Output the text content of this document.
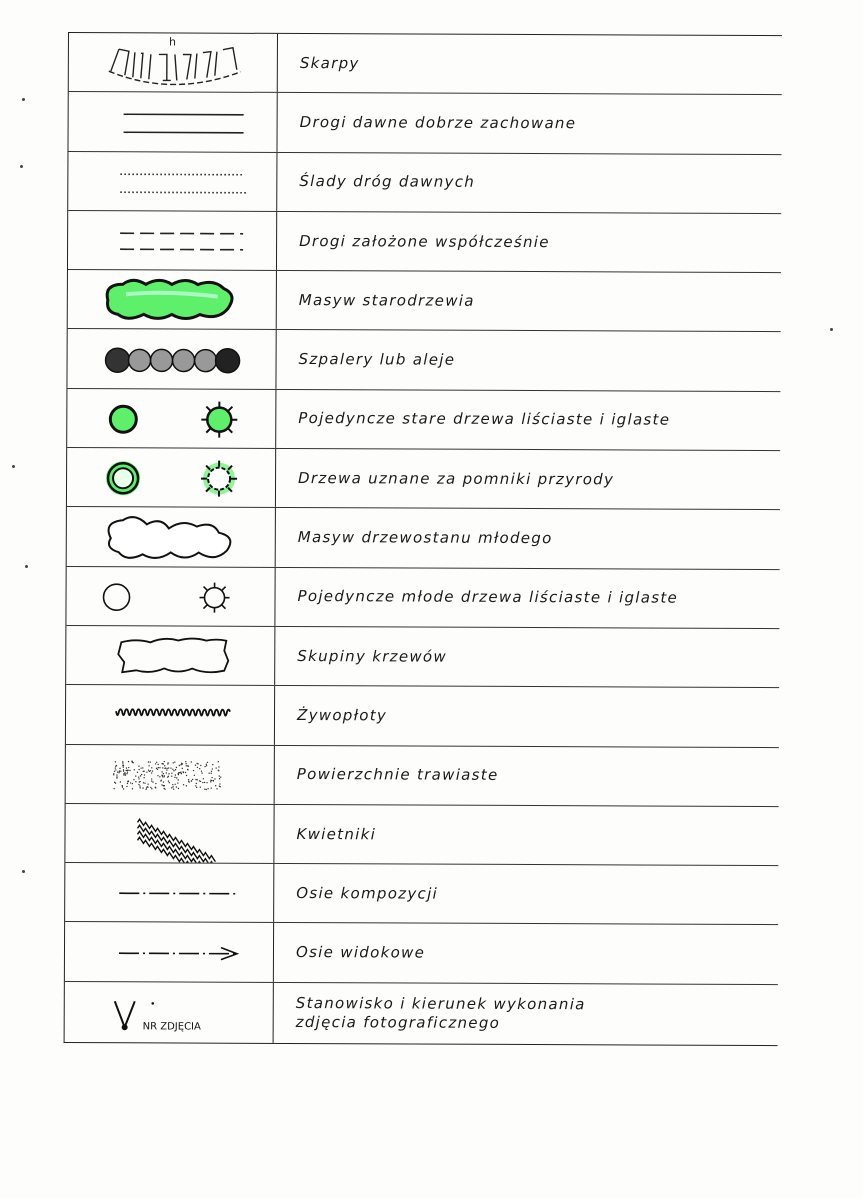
h
Skarpy
Drogi dawne dobrze zachowane
Ślady dróg dawnych
Drogi założone współcześnie
Masyw starodrzewia
Szpalery lub aleje
Pojedyncze stare drzewa liściaste i iglaste
Drzewa uznane za pomniki przyrody
Masyw drzewostanu młodego
Pojedyncze młode drzewa liściaste i iglaste
Skupiny krzewów
Żywopłoty
Powierzchnie trawiaste
Kwietniki
Osie kompozycji
Osie widokowe
NR ZDJĘCIA
Stanowisko i kierunek wykonania
zdjęcia fotograficznego
